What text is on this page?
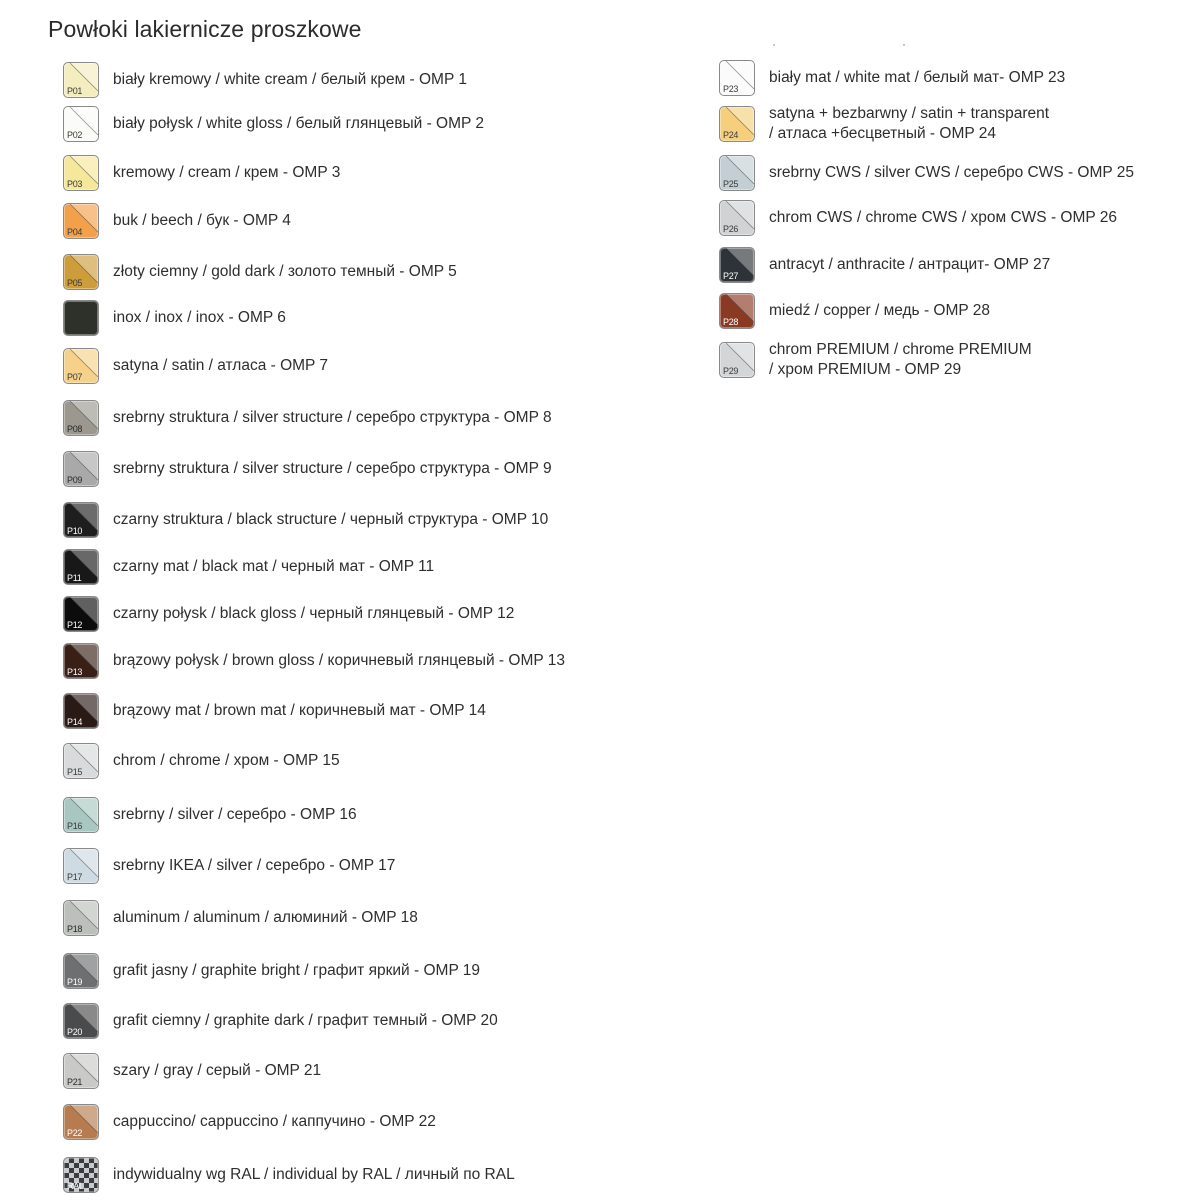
Powłoki lakiernicze proszkowe
P01
biały kremowy / white cream / белый крем - OMP 1
P02
biały połysk / white gloss / белый глянцевый - OMP 2
P03
kremowy / cream / крем - OMP 3
P04
buk / beech / бук - OMP 4
P05
złoty ciemny / gold dark / золото темный - OMP 5
inox / inox / inox - OMP 6
P07
satyna / satin / атласа - OMP 7
P08
srebrny struktura / silver structure / серебро структура - OMP 8
P09
srebrny struktura / silver structure / серебро структура - OMP 9
P10
czarny struktura / black structure / черный структура - OMP 10
P11
czarny mat / black mat / черный мат - OMP 11
P12
czarny połysk / black gloss / черный глянцевый - OMP 12
P13
brązowy połysk / brown gloss / коричневый глянцевый - OMP 13
P14
brązowy mat / brown mat / коричневый мат - OMP 14
P15
chrom / chrome / хром - OMP 15
P16
srebrny / silver / серебро - OMP 16
P17
srebrny IKEA / silver / серебро - OMP 17
P18
aluminum / aluminum / алюминий - OMP 18
P19
grafit jasny / graphite bright / графит яркий - OMP 19
P20
grafit ciemny / graphite dark / графит темный - OMP 20
P21
szary / gray / серый - OMP 21
P22
cappuccino/ cappuccino / каппучино - OMP 22
RAL
indywidualny wg RAL / individual by RAL / личный по RAL
P23
biały mat / white mat / белый мат- OMP 23
P24
satyna + bezbarwny / satin + transparent
/ атласа +бесцветный - OMP 24
P25
srebrny CWS / silver CWS / серебро CWS - OMP 25
P26
chrom CWS / chrome CWS / хром CWS - OMP 26
P27
antracyt / anthracite / антрацит- OMP 27
P28
miedź / copper / медь - OMP 28
P29
chrom PREMIUM / chrome PREMIUM
/ хром PREMIUM - OMP 29
